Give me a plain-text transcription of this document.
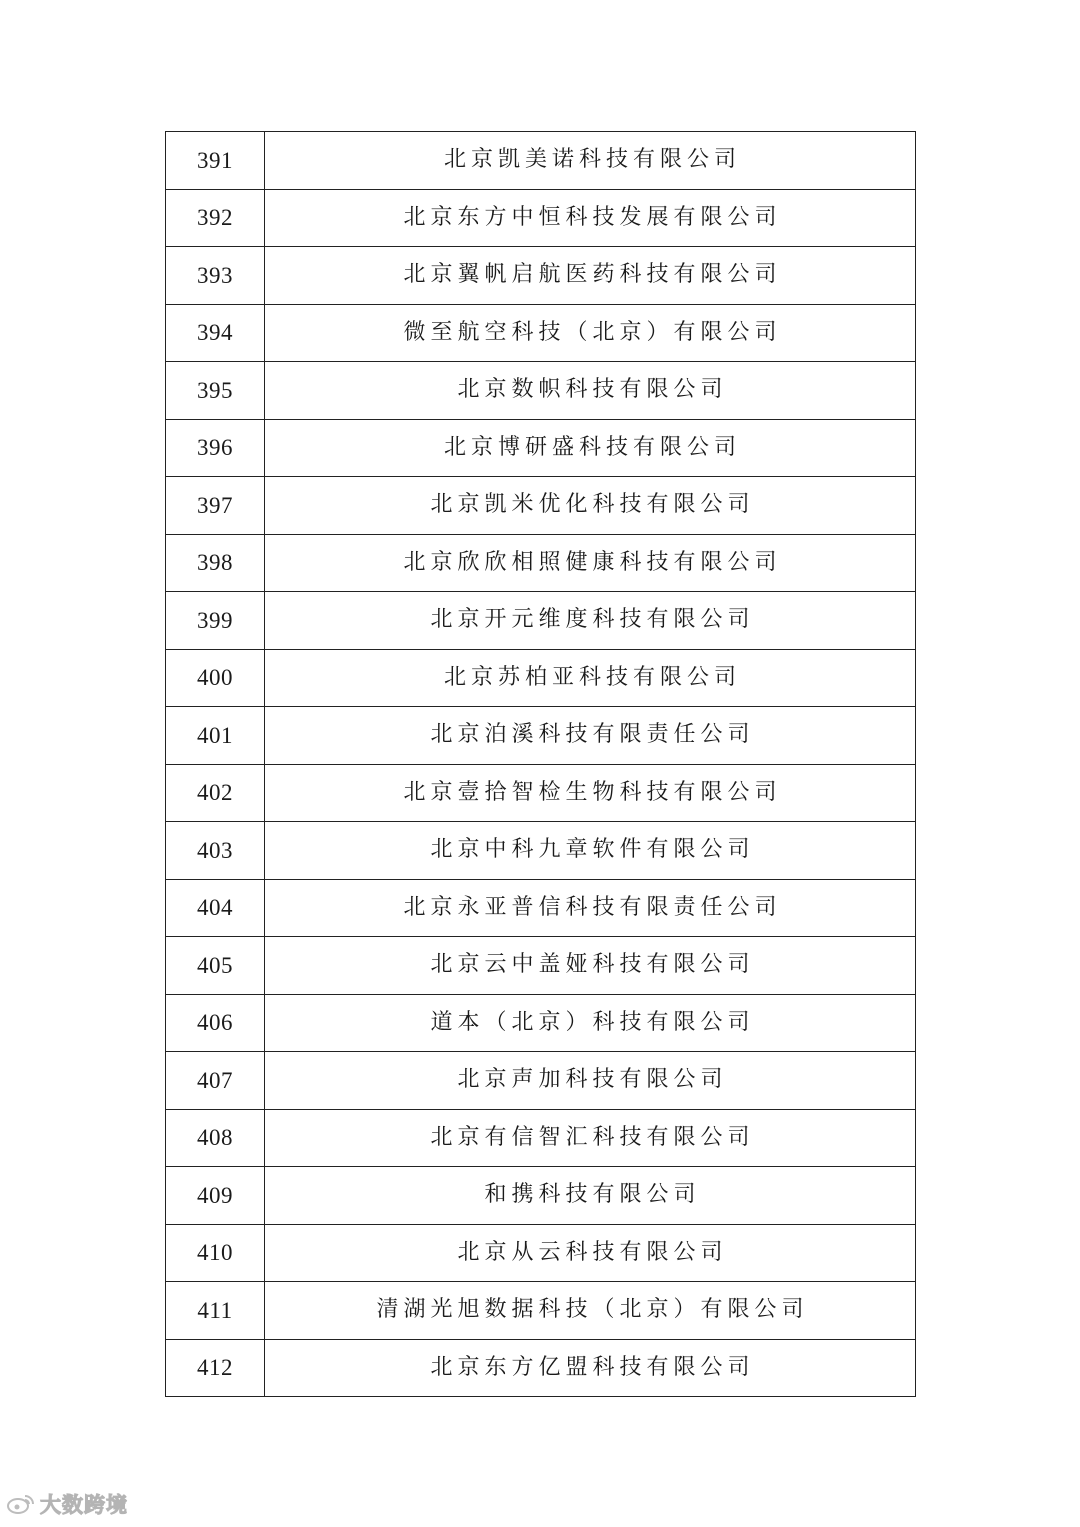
391	北京凯美诺科技有限公司
392	北京东方中恒科技发展有限公司
393	北京翼帆启航医药科技有限公司
394	微至航空科技（北京）有限公司
395	北京数帜科技有限公司
396	北京博研盛科技有限公司
397	北京凯米优化科技有限公司
398	北京欣欣相照健康科技有限公司
399	北京开元维度科技有限公司
400	北京苏柏亚科技有限公司
401	北京泊溪科技有限责任公司
402	北京壹拾智检生物科技有限公司
403	北京中科九章软件有限公司
404	北京永亚普信科技有限责任公司
405	北京云中盖娅科技有限公司
406	道本（北京）科技有限公司
407	北京声加科技有限公司
408	北京有信智汇科技有限公司
409	和携科技有限公司
410	北京从云科技有限公司
411	清湖光旭数据科技（北京）有限公司
412	北京东方亿盟科技有限公司
大数跨境
